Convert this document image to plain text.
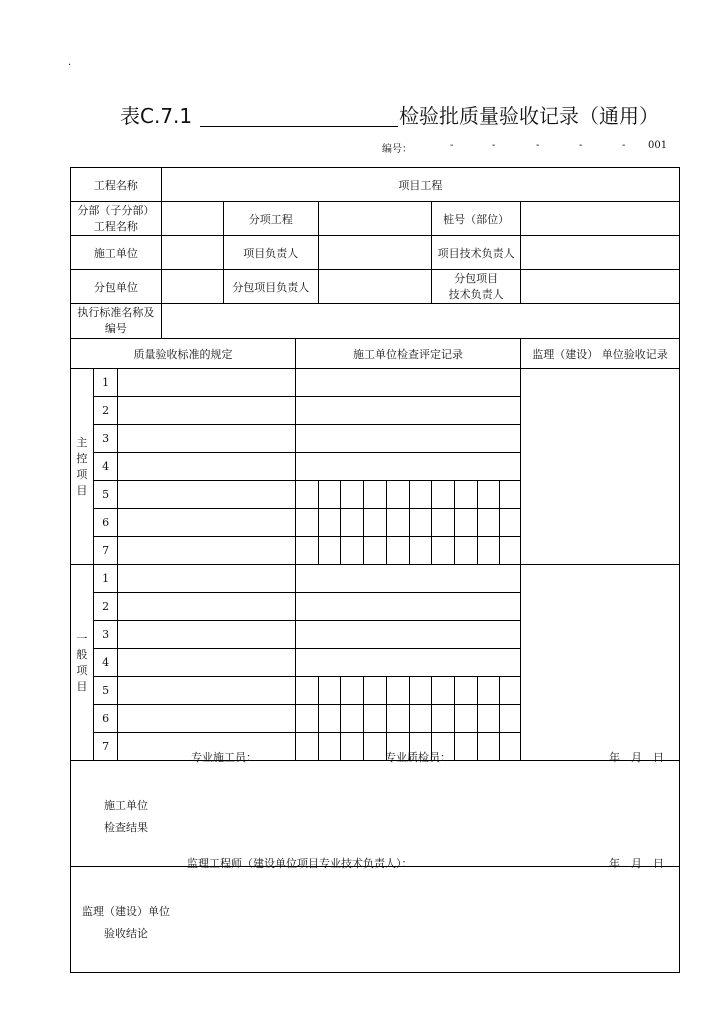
·
表C.7.1	检验批质量验收记录（通用）
编号：	-	-	-	-	- 001
工程名称			项目工程												

分部（子分部）
工程名称				分项工程							桩号（部位）				
施工单位				项目负责人							项目技术负责人				
分包单位				分包项目负责人							分包项目
技术负责人				

执行标准名称及
编号															

质量验收标准的规定					施工单位检查评定记录										监理（建设） 单位验收记录

主
控
项
目	1														
	2														
	3														
	4														
	5														
	6														
	7														

一
般
项
目	1														
	2														
	3														
	4														
	5														
	6														
	7														

施工单位
检查结果
专业施工员： 专业质检员： 年　月　日															

监理（建设）单位
验收结论
监理工程师（建设单位项目专业技术负责人）： 年　月　日															
